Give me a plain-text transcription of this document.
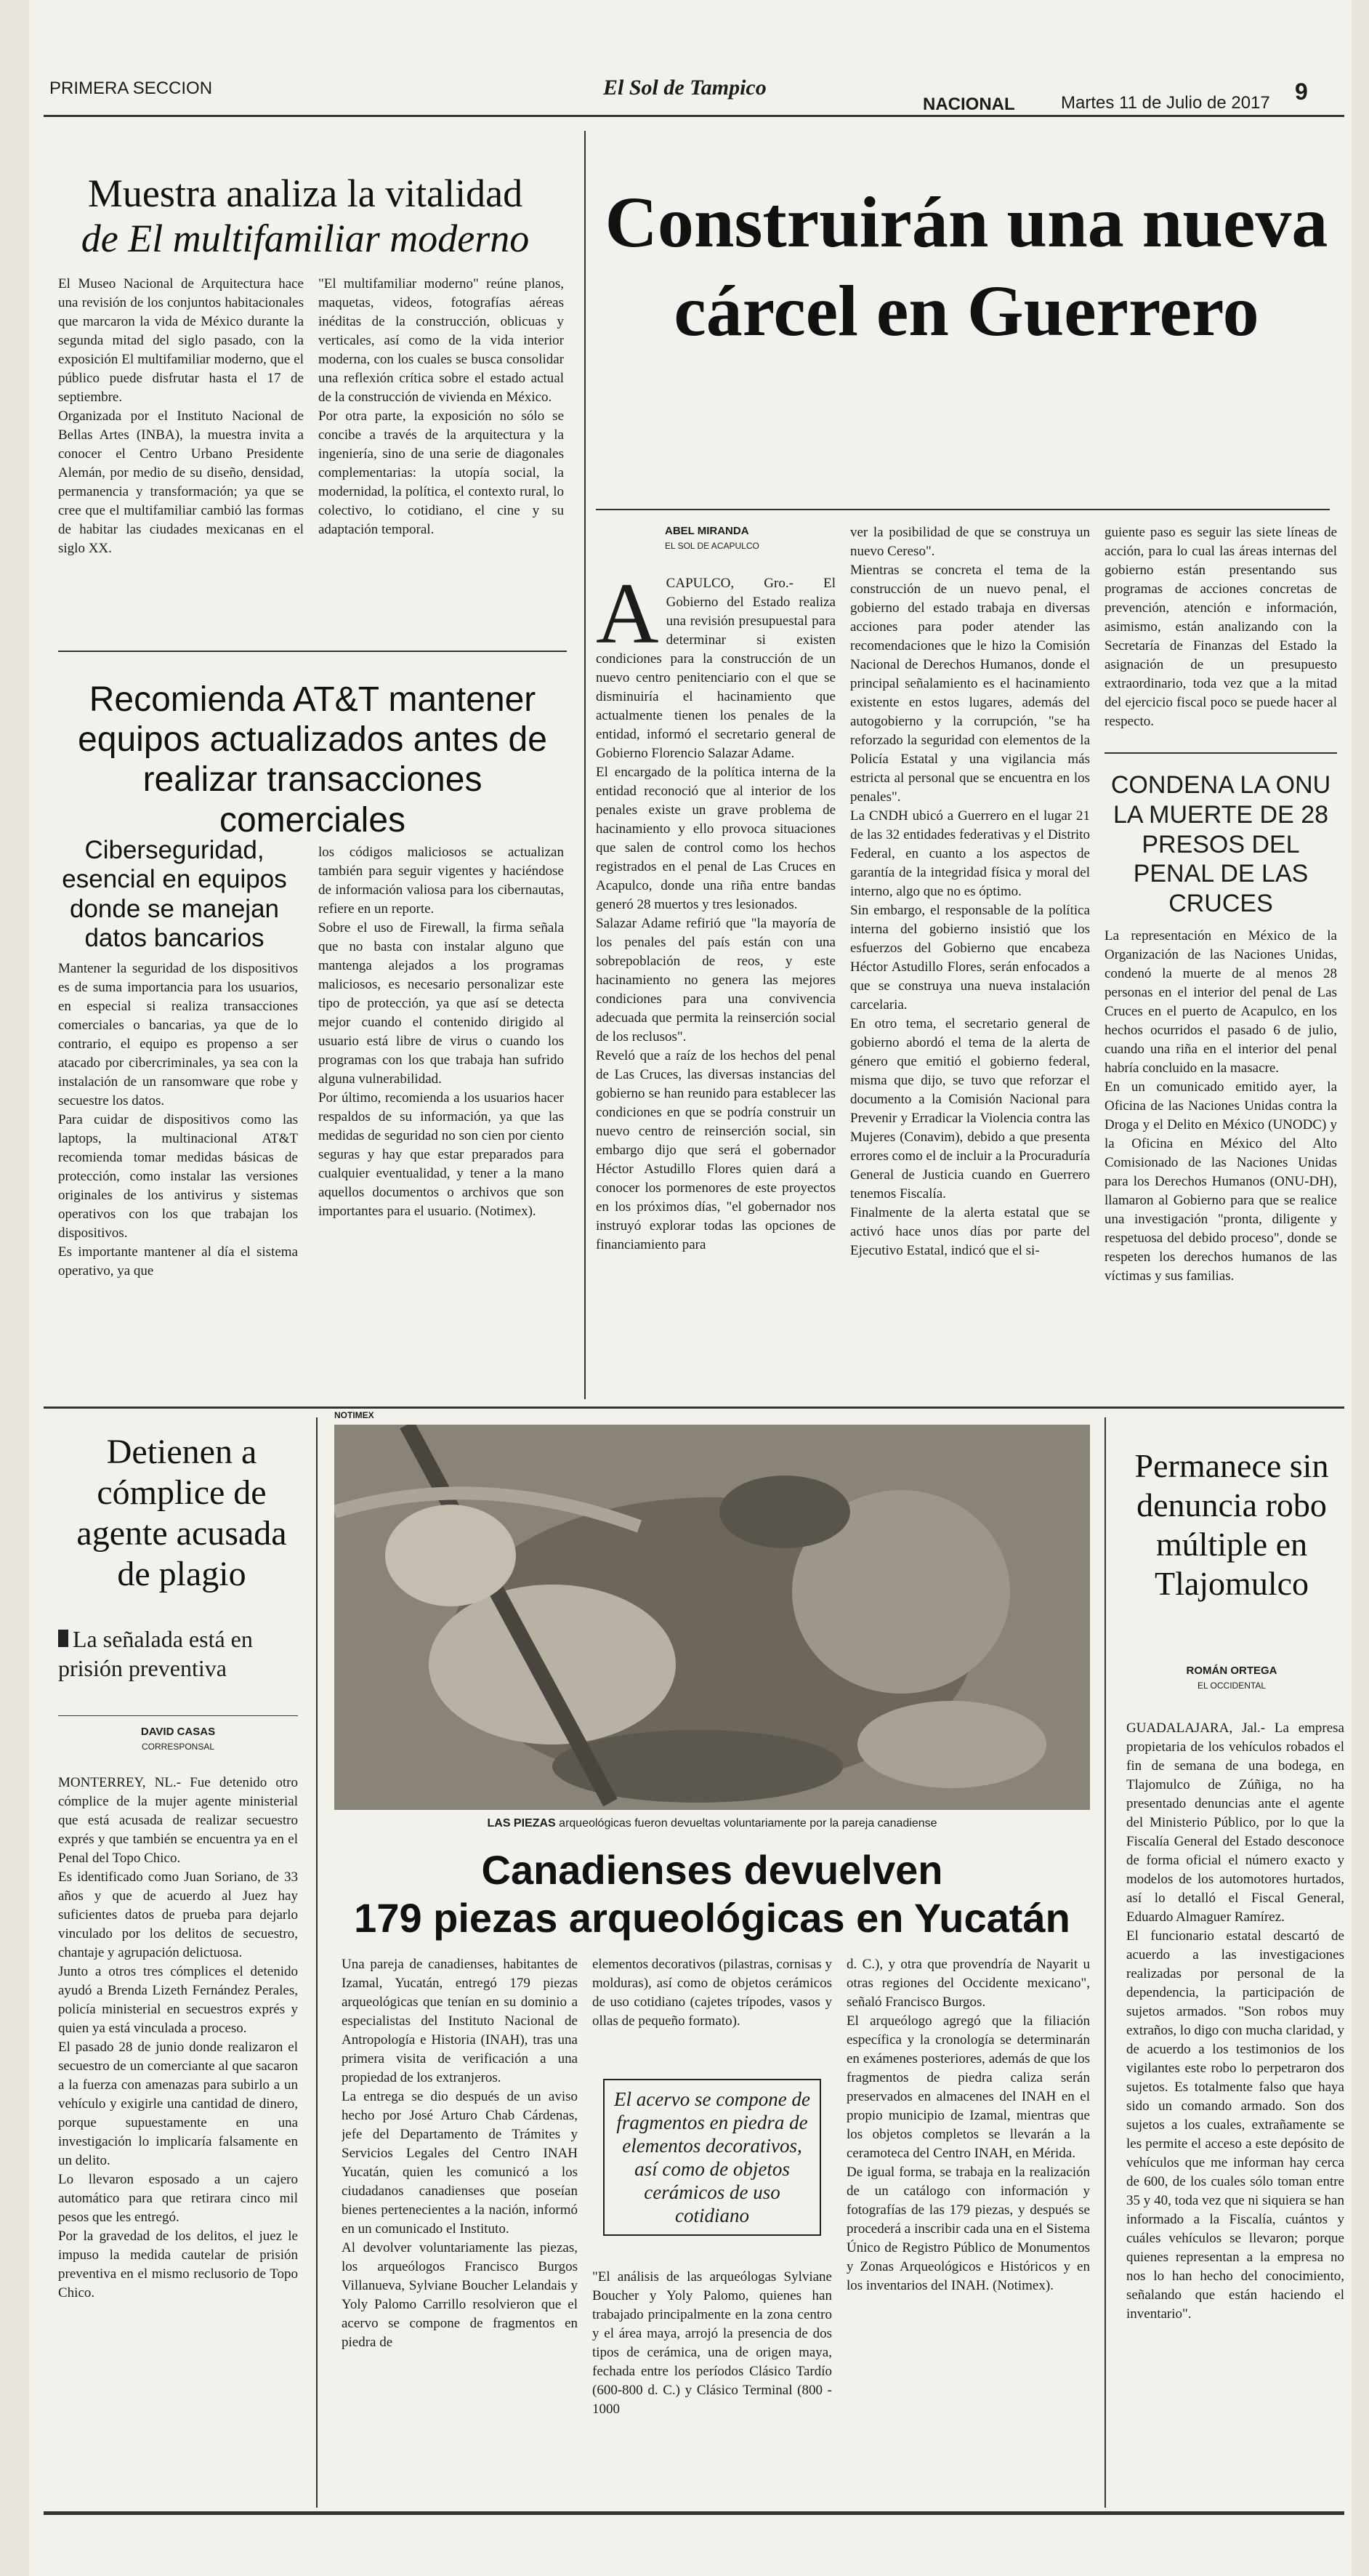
PRIMERA SECCION	El Sol de Tampico
NACIONAL	Martes 11 de Julio de 2017 9
Muestra analiza la vitalidad
de El multifamiliar moderno
El Museo Nacional de Arquitectura hace una revisión de los conjuntos habitacionales que marcaron la vida de México durante la segunda mitad del siglo pasado, con la exposición El multifamiliar moderno, que el público puede disfrutar hasta el 17 de septiembre.
Organizada por el Instituto Nacional de Bellas Artes (INBA), la muestra invita a conocer el Centro Urbano Presidente Alemán, por medio de su diseño, densidad, permanencia y transformación; ya que se cree que el multifamiliar cambió las formas de habitar las ciudades mexicanas en el siglo XX.
"El multifamiliar moderno" reúne planos, maquetas, videos, fotografías aéreas inéditas de la construcción, oblicuas y verticales, así como de la vida interior moderna, con los cuales se busca consolidar una reflexión crítica sobre el estado actual de la construcción de vivienda en México.
Por otra parte, la exposición no sólo se concibe a través de la arquitectura y la ingeniería, sino de una serie de diagonales complementarias: la utopía social, la modernidad, la política, el contexto rural, lo colectivo, lo cotidiano, el cine y su adaptación temporal.
Recomienda AT&T mantener equipos actualizados antes de realizar transacciones comerciales
Ciberseguridad, esencial en equipos donde se manejan datos bancarios
Mantener la seguridad de los dispositivos es de suma importancia para los usuarios, en especial si realiza transacciones comerciales o bancarias, ya que de lo contrario, el equipo es propenso a ser atacado por cibercriminales, ya sea con la instalación de un ransomware que robe y secuestre los datos.
Para cuidar de dispositivos como las laptops, la multinacional AT&T recomienda tomar medidas básicas de protección, como instalar las versiones originales de los antivirus y sistemas operativos con los que trabajan los dispositivos.
Es importante mantener al día el sistema operativo, ya que
los códigos maliciosos se actualizan también para seguir vigentes y haciéndose de información valiosa para los cibernautas, refiere en un reporte.
Sobre el uso de Firewall, la firma señala que no basta con instalar alguno que mantenga alejados a los programas maliciosos, es necesario personalizar este tipo de protección, ya que así se detecta mejor cuando el contenido dirigido al usuario está libre de virus o cuando los programas con los que trabaja han sufrido alguna vulnerabilidad.
Por último, recomienda a los usuarios hacer respaldos de su información, ya que las medidas de seguridad no son cien por ciento seguras y hay que estar preparados para cualquier eventualidad, y tener a la mano aquellos documentos o archivos que son importantes para el usuario. (Notimex).
Construirán una nueva cárcel en Guerrero
ABEL MIRANDA
EL SOL DE ACAPULCO
A CAPULCO, Gro.- El Gobierno del Estado realiza una revisión presupuestal para determinar si existen condiciones para la construcción de un nuevo centro penitenciario con el que se disminuiría el hacinamiento que actualmente tienen los penales de la entidad, informó el secretario general de Gobierno Florencio Salazar Adame.
El encargado de la política interna de la entidad reconoció que al interior de los penales existe un grave problema de hacinamiento y ello provoca situaciones que salen de control como los hechos registrados en el penal de Las Cruces en Acapulco, donde una riña entre bandas generó 28 muertos y tres lesionados.
Salazar Adame refirió que "la mayoría de los penales del país están con una sobrepoblación de reos, y este hacinamiento no genera las mejores condiciones para una convivencia adecuada que permita la reinserción social de los reclusos".
Reveló que a raíz de los hechos del penal de Las Cruces, las diversas instancias del gobierno se han reunido para establecer las condiciones en que se podría construir un nuevo centro de reinserción social, sin embargo dijo que será el gobernador Héctor Astudillo Flores quien dará a conocer los pormenores de este proyectos en los próximos días, "el gobernador nos instruyó explorar todas las opciones de financiamiento para
ver la posibilidad de que se construya un nuevo Cereso".
Mientras se concreta el tema de la construcción de un nuevo penal, el gobierno del estado trabaja en diversas acciones para poder atender las recomendaciones que le hizo la Comisión Nacional de Derechos Humanos, donde el principal señalamiento es el hacinamiento existente en estos lugares, además del autogobierno y la corrupción, "se ha reforzado la seguridad con elementos de la Policía Estatal y una vigilancia más estricta al personal que se encuentra en los penales".
La CNDH ubicó a Guerrero en el lugar 21 de las 32 entidades federativas y el Distrito Federal, en cuanto a los aspectos de garantía de la integridad física y moral del interno, algo que no es óptimo.
Sin embargo, el responsable de la política interna del gobierno insistió que los esfuerzos del Gobierno que encabeza Héctor Astudillo Flores, serán enfocados a que se construya una nueva instalación carcelaria.
En otro tema, el secretario general de gobierno abordó el tema de la alerta de género que emitió el gobierno federal, misma que dijo, se tuvo que reforzar el documento a la Comisión Nacional para Prevenir y Erradicar la Violencia contra las Mujeres (Conavim), debido a que presenta errores como el de incluir a la Procuraduría General de Justicia cuando en Guerrero tenemos Fiscalía.
Finalmente de la alerta estatal que se activó hace unos días por parte del Ejecutivo Estatal, indicó que el si-
guiente paso es seguir las siete líneas de acción, para lo cual las áreas internas del gobierno están presentando sus programas de acciones concretas de prevención, atención e información, asimismo, están analizando con la Secretaría de Finanzas del Estado la asignación de un presupuesto extraordinario, toda vez que a la mitad del ejercicio fiscal poco se puede hacer al respecto.
CONDENA LA ONU LA MUERTE DE 28 PRESOS DEL PENAL DE LAS CRUCES
La representación en México de la Organización de las Naciones Unidas, condenó la muerte de al menos 28 personas en el interior del penal de Las Cruces en el puerto de Acapulco, en los hechos ocurridos el pasado 6 de julio, cuando una riña en el interior del penal habría concluido en la masacre.
En un comunicado emitido ayer, la Oficina de las Naciones Unidas contra la Droga y el Delito en México (UNODC) y la Oficina en México del Alto Comisionado de las Naciones Unidas para los Derechos Humanos (ONU-DH), llamaron al Gobierno para que se realice una investigación "pronta, diligente y respetuosa del debido proceso", donde se respeten los derechos humanos de las víctimas y sus familias.
Detienen a cómplice de agente acusada de plagio
La señalada está en prisión preventiva
DAVID CASAS
CORRESPONSAL
MONTERREY, NL.- Fue detenido otro cómplice de la mujer agente ministerial que está acusada de realizar secuestro exprés y que también se encuentra ya en el Penal del Topo Chico.
Es identificado como Juan Soriano, de 33 años y que de acuerdo al Juez hay suficientes datos de prueba para dejarlo vinculado por los delitos de secuestro, chantaje y agrupación delictuosa.
Junto a otros tres cómplices el detenido ayudó a Brenda Lizeth Fernández Perales, policía ministerial en secuestros exprés y quien ya está vinculada a proceso.
El pasado 28 de junio donde realizaron el secuestro de un comerciante al que sacaron a la fuerza con amenazas para subirlo a un vehículo y exigirle una cantidad de dinero, porque supuestamente en una investigación lo implicaría falsamente en un delito.
Lo llevaron esposado a un cajero automático para que retirara cinco mil pesos que les entregó.
Por la gravedad de los delitos, el juez le impuso la medida cautelar de prisión preventiva en el mismo reclusorio de Topo Chico.
NOTIMEX
LAS PIEZAS arqueológicas fueron devueltas voluntariamente por la pareja canadiense
Canadienses devuelven
179 piezas arqueológicas en Yucatán
Una pareja de canadienses, habitantes de Izamal, Yucatán, entregó 179 piezas arqueológicas que tenían en su dominio a especialistas del Instituto Nacional de Antropología e Historia (INAH), tras una primera visita de verificación a una propiedad de los extranjeros.
La entrega se dio después de un aviso hecho por José Arturo Chab Cárdenas, jefe del Departamento de Trámites y Servicios Legales del Centro INAH Yucatán, quien les comunicó a los ciudadanos canadienses que poseían bienes pertenecientes a la nación, informó en un comunicado el Instituto.
Al devolver voluntariamente las piezas, los arqueólogos Francisco Burgos Villanueva, Sylviane Boucher Lelandais y Yoly Palomo Carrillo resolvieron que el acervo se compone de fragmentos en piedra de
elementos decorativos (pilastras, cornisas y molduras), así como de objetos cerámicos de uso cotidiano (cajetes trípodes, vasos y ollas de pequeño formato).
El acervo se compone de fragmentos en piedra de elementos decorativos, así como de objetos cerámicos de uso cotidiano
"El análisis de las arqueólogas Sylviane Boucher y Yoly Palomo, quienes han trabajado principalmente en la zona centro y el área maya, arrojó la presencia de dos tipos de cerámica, una de origen maya, fechada entre los períodos Clásico Tardío (600-800 d. C.) y Clásico Terminal (800 - 1000
d. C.), y otra que provendría de Nayarit u otras regiones del Occidente mexicano", señaló Francisco Burgos.
El arqueólogo agregó que la filiación específica y la cronología se determinarán en exámenes posteriores, además de que los fragmentos de piedra caliza serán preservados en almacenes del INAH en el propio municipio de Izamal, mientras que los objetos completos se llevarán a la ceramoteca del Centro INAH, en Mérida.
De igual forma, se trabaja en la realización de un catálogo con información y fotografías de las 179 piezas, y después se procederá a inscribir cada una en el Sistema Único de Registro Público de Monumentos y Zonas Arqueológicos e Históricos y en los inventarios del INAH. (Notimex).
Permanece sin denuncia robo múltiple en Tlajomulco
ROMÁN ORTEGA
EL OCCIDENTAL
GUADALAJARA, Jal.- La empresa propietaria de los vehículos robados el fin de semana de una bodega, en Tlajomulco de Zúñiga, no ha presentado denuncias ante el agente del Ministerio Público, por lo que la Fiscalía General del Estado desconoce de forma oficial el número exacto y modelos de los automotores hurtados, así lo detalló el Fiscal General, Eduardo Almaguer Ramírez.
El funcionario estatal descartó de acuerdo a las investigaciones realizadas por personal de la dependencia, la participación de sujetos armados. "Son robos muy extraños, lo digo con mucha claridad, y de acuerdo a los testimonios de los vigilantes este robo lo perpetraron dos sujetos. Es totalmente falso que haya sido un comando armado. Son dos sujetos a los cuales, extrañamente se les permite el acceso a este depósito de vehículos que me informan hay cerca de 600, de los cuales sólo toman entre 35 y 40, toda vez que ni siquiera se han informado a la Fiscalía, cuántos y cuáles vehículos se llevaron; porque quienes representan a la empresa no nos lo han hecho del conocimiento, señalando que están haciendo el inventario".
